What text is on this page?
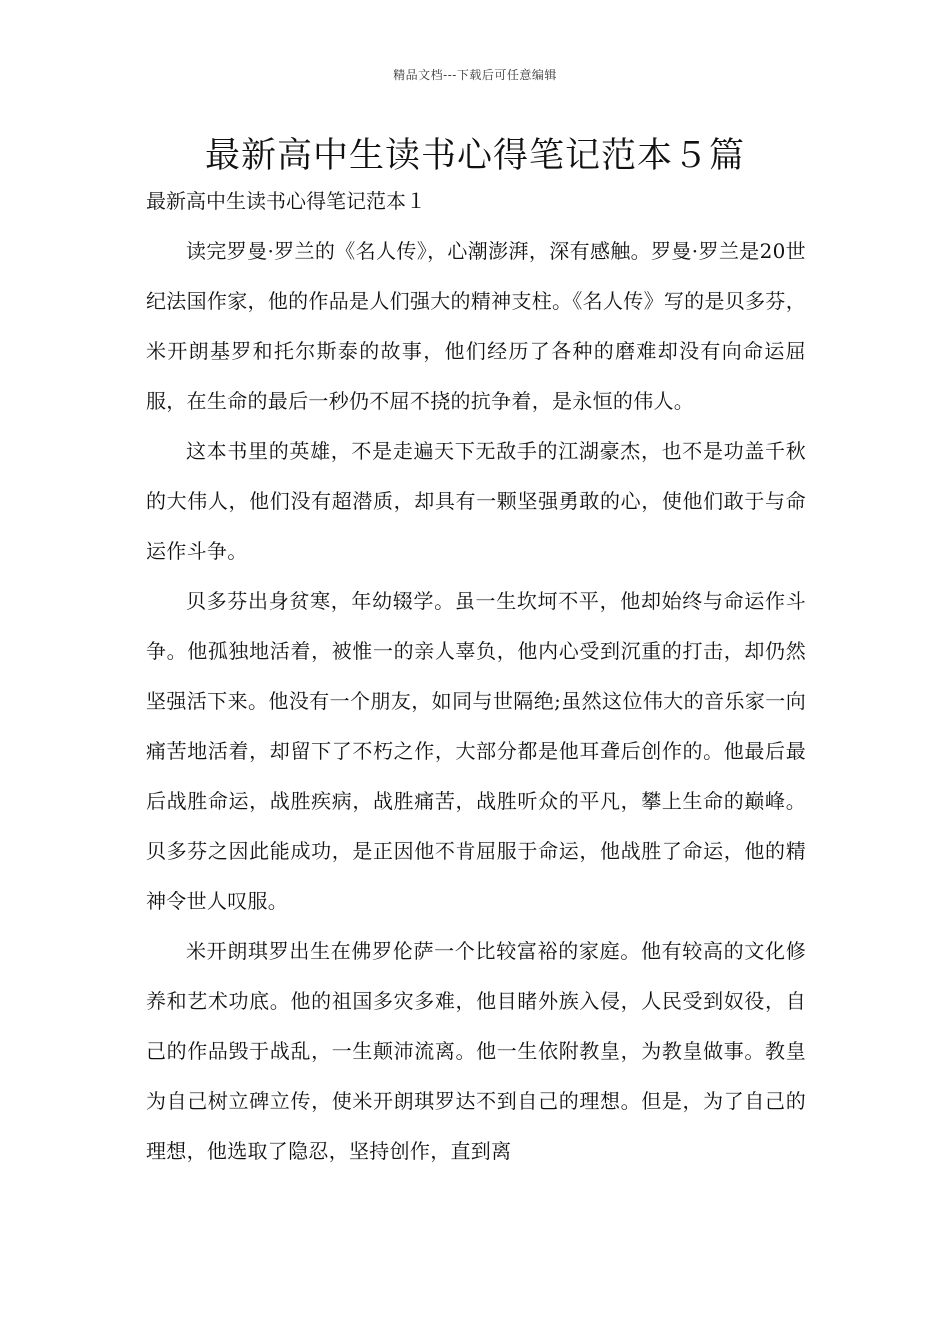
精品文档---下载后可任意编辑
最新高中生读书心得笔记范本５篇
最新高中生读书心得笔记范本１

读完罗曼·罗兰的《名人传》，心潮澎湃，深有感触。罗曼·罗兰是20世纪法国作家，他的作品是人们强大的精神支柱。《名人传》写的是贝多芬，米开朗基罗和托尔斯泰的故事，他们经历了各种的磨难却没有向命运屈服，在生命的最后一秒仍不屈不挠的抗争着，是永恒的伟人。

这本书里的英雄，不是走遍天下无敌手的江湖豪杰，也不是功盖千秋的大伟人，他们没有超潜质，却具有一颗坚强勇敢的心，使他们敢于与命运作斗争。

贝多芬出身贫寒，年幼辍学。虽一生坎坷不平，他却始终与命运作斗争。他孤独地活着，被惟一的亲人辜负，他内心受到沉重的打击，却仍然坚强活下来。他没有一个朋友，如同与世隔绝;虽然这位伟大的音乐家一向痛苦地活着，却留下了不朽之作，大部分都是他耳聋后创作的。他最后最后战胜命运，战胜疾病，战胜痛苦，战胜听众的平凡，攀上生命的巅峰。贝多芬之因此能成功，是正因他不肯屈服于命运，他战胜了命运，他的精神令世人叹服。

米开朗琪罗出生在佛罗伦萨一个比较富裕的家庭。他有较高的文化修养和艺术功底。他的祖国多灾多难，他目睹外族入侵，人民受到奴役，自己的作品毁于战乱，一生颠沛流离。他一生依附教皇，为教皇做事。教皇为自己树立碑立传，使米开朗琪罗达不到自己的理想。但是，为了自己的理想，他选取了隐忍，坚持创作，直到离
